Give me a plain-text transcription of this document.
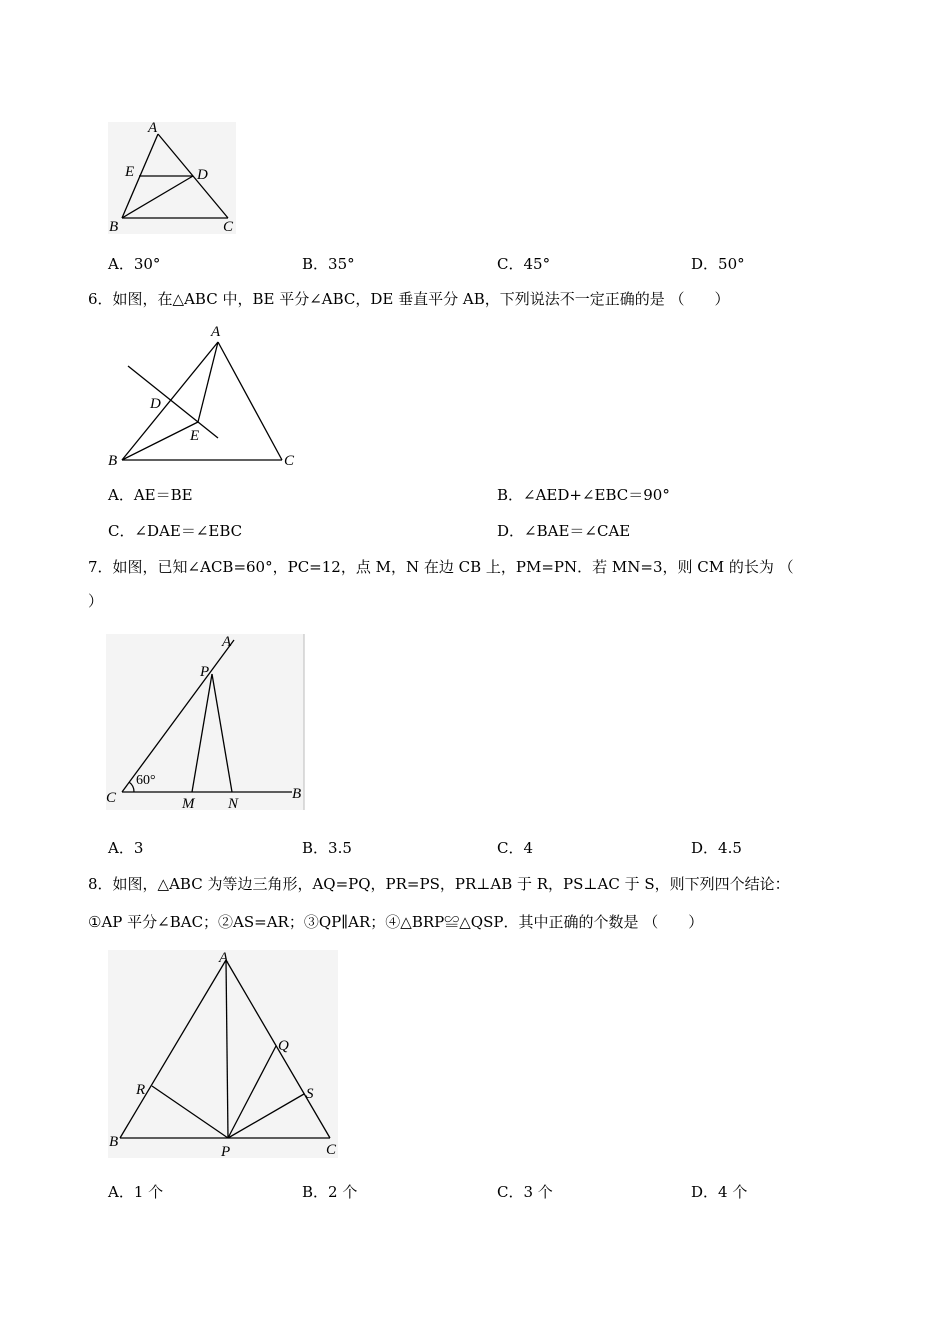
A
E	D
B	C
A．30°	B．35°	C．45°	D．50°
6．如图，在△ABC 中，BE 平分∠ABC，DE 垂直平分 AB，下列说法不一定正确的是 （　　）
A
D
E
B	C
A．AE＝BE	B．∠AED+∠EBC＝90°
C．∠DAE＝∠EBC	D．∠BAE＝∠CAE
7．如图，已知∠ACB=60°，PC=12，点 M，N 在边 CB 上，PM=PN．若 MN=3，则 CM 的长为 （
）
60°
A
P
C	M N
B
A．3	B．3.5	C．4	D．4.5
8．如图，△ABC 为等边三角形，AQ=PQ，PR=PS，PR⊥AB 于 R，PS⊥AC 于 S，则下列四个结论：
①AP 平分∠BAC；②AS=AR；③QP∥AR；④△BRP≌△QSP．其中正确的个数是 （　　）
A
Q
R	S
B
P	C
A．1 个	B．2 个	C．3 个	D．4 个
